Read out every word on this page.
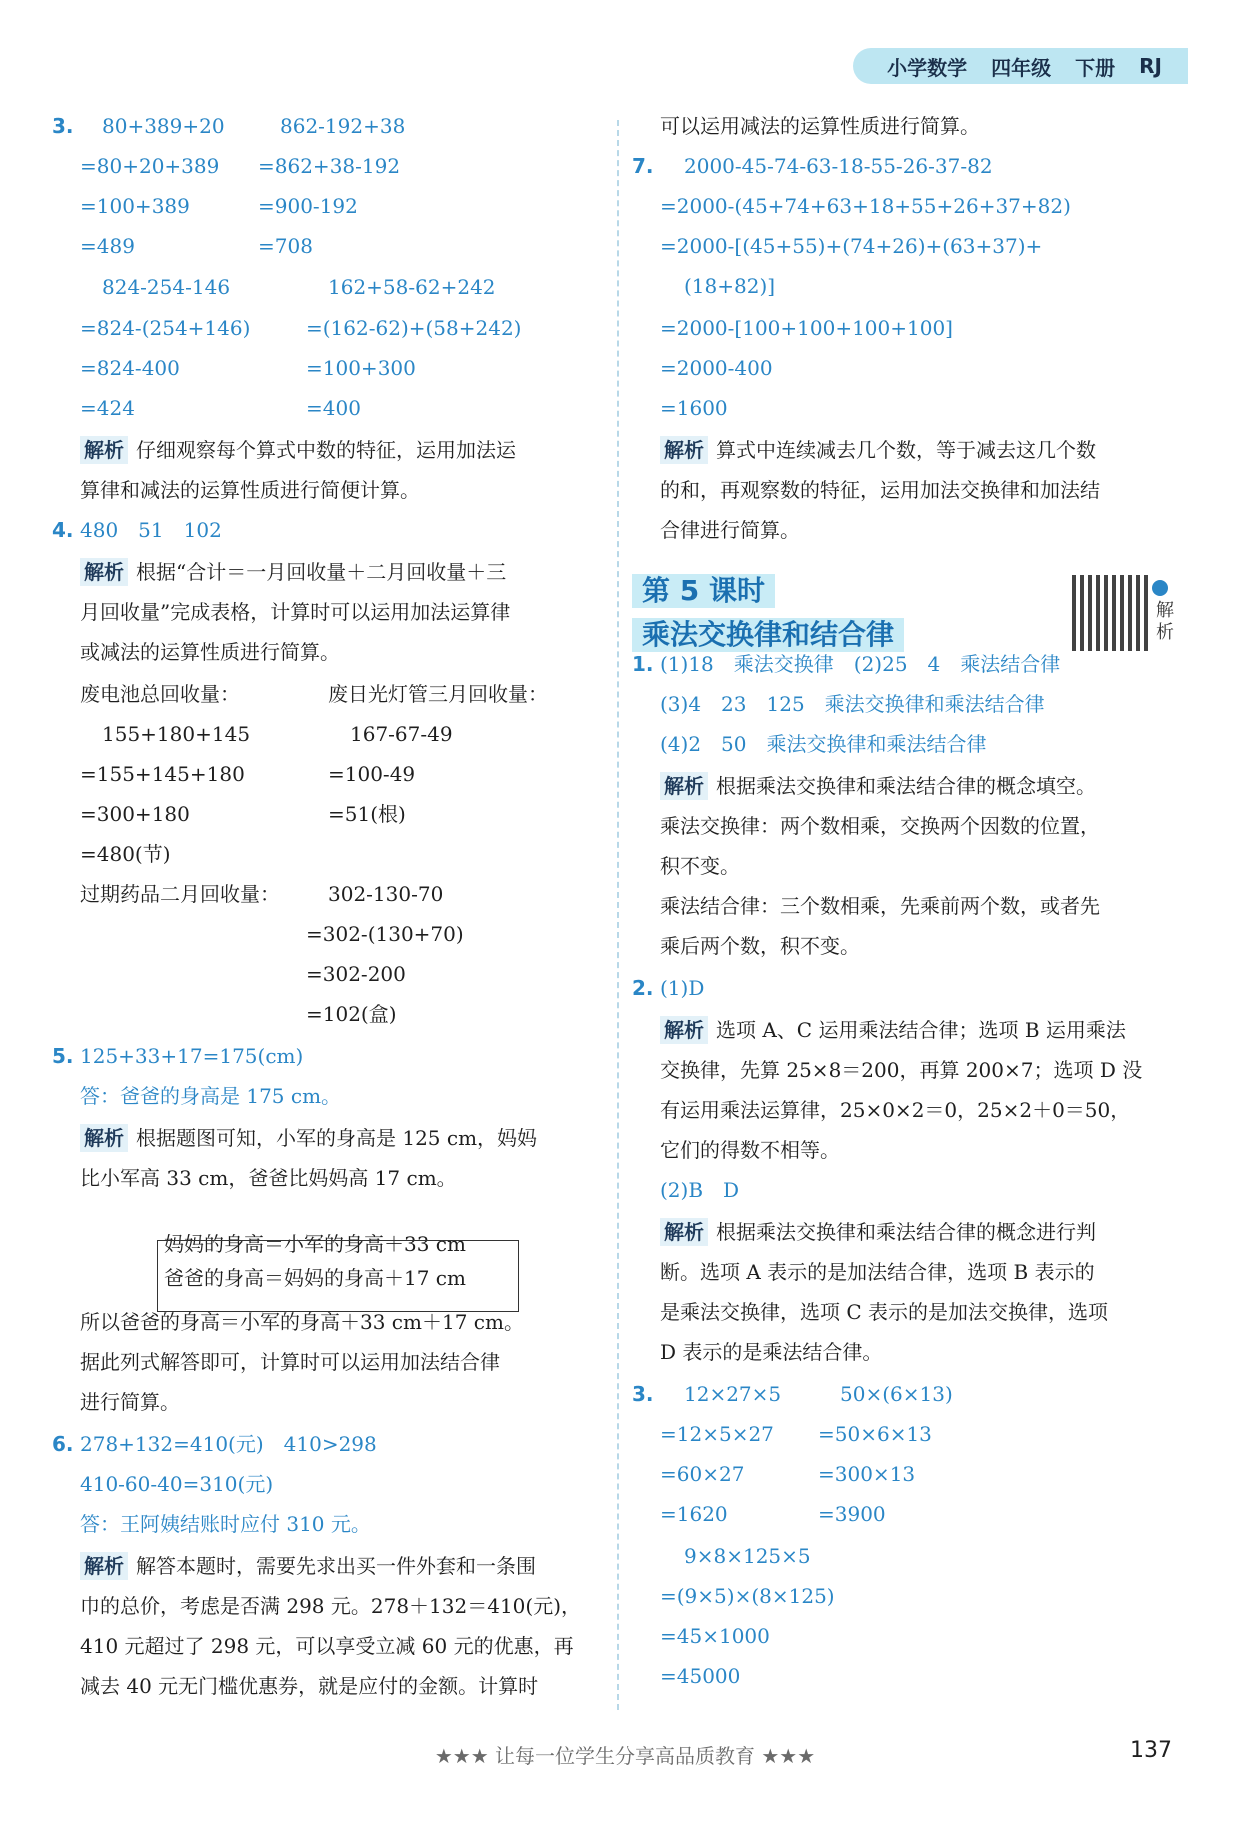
小学数学 四年级 下册 RJ
3. 80+389+20	862-192+38
=80+20+389 =862+38-192
=100+389	=900-192
=489	=708
824-254-146	162+58-62+242
=824-(254+146)	=(162-62)+(58+242)
=824-400	=100+300
=424	=400
解析 仔细观察每个算式中数的特征，运用加法运
算律和减法的运算性质进行简便计算。
4. 480　51　102
解析 根据“合计＝一月回收量＋二月回收量＋三
月回收量”完成表格，计算时可以运用加法运算律
或减法的运算性质进行简算。
废电池总回收量：	废日光灯管三月回收量：
155+180+145	167-67-49
=155+145+180	=100-49
=300+180	=51(根)
=480(节)
过期药品二月回收量： 302-130-70
=302-(130+70)
=302-200
=102(盒)
5. 125+33+17=175(cm)
答：爸爸的身高是 175 cm。
解析 根据题图可知，小军的身高是 125 cm，妈妈
比小军高 33 cm，爸爸比妈妈高 17 cm。
妈妈的身高＝小军的身高＋33 cm
爸爸的身高＝妈妈的身高＋17 cm
所以爸爸的身高＝小军的身高＋33 cm＋17 cm。
据此列式解答即可，计算时可以运用加法结合律
进行简算。
6. 278+132=410(元)　410>298
410-60-40=310(元)
答：王阿姨结账时应付 310 元。
解析 解答本题时，需要先求出买一件外套和一条围
巾的总价，考虑是否满 298 元。278＋132＝410(元)，
410 元超过了 298 元，可以享受立减 60 元的优惠，再
减去 40 元无门槛优惠券，就是应付的金额。计算时
可以运用减法的运算性质进行简算。
7. 2000-45-74-63-18-55-26-37-82
=2000-(45+74+63+18+55+26+37+82)
=2000-[(45+55)+(74+26)+(63+37)+
(18+82)]
=2000-[100+100+100+100]
=2000-400
=1600
解析 算式中连续减去几个数，等于减去这几个数
的和，再观察数的特征，运用加法交换律和加法结
合律进行简算。
1. (1)18　乘法交换律　(2)25　4　乘法结合律
(3)4　23　125　乘法交换律和乘法结合律
(4)2　50　乘法交换律和乘法结合律
解析 根据乘法交换律和乘法结合律的概念填空。
乘法交换律：两个数相乘，交换两个因数的位置，
积不变。
乘法结合律：三个数相乘，先乘前两个数，或者先
乘后两个数，积不变。
2. (1)D
解析 选项 A、C 运用乘法结合律；选项 B 运用乘法
交换律，先算 25×8＝200，再算 200×7；选项 D 没
有运用乘法运算律，25×0×2＝0，25×2＋0＝50，
它们的得数不相等。
(2)B　D
解析 根据乘法交换律和乘法结合律的概念进行判
断。选项 A 表示的是加法结合律，选项 B 表示的
是乘法交换律，选项 C 表示的是加法交换律，选项
D 表示的是乘法结合律。
3. 12×27×5	50×(6×13)
=12×5×27 =50×6×13
=60×27	=300×13
=1620	=3900
9×8×125×5
=(9×5)×(8×125)
=45×1000
=45000
第 5 课时
乘法交换律和结合律
解析
★★★ 让每一位学生分享高品质教育 ★★★	137
